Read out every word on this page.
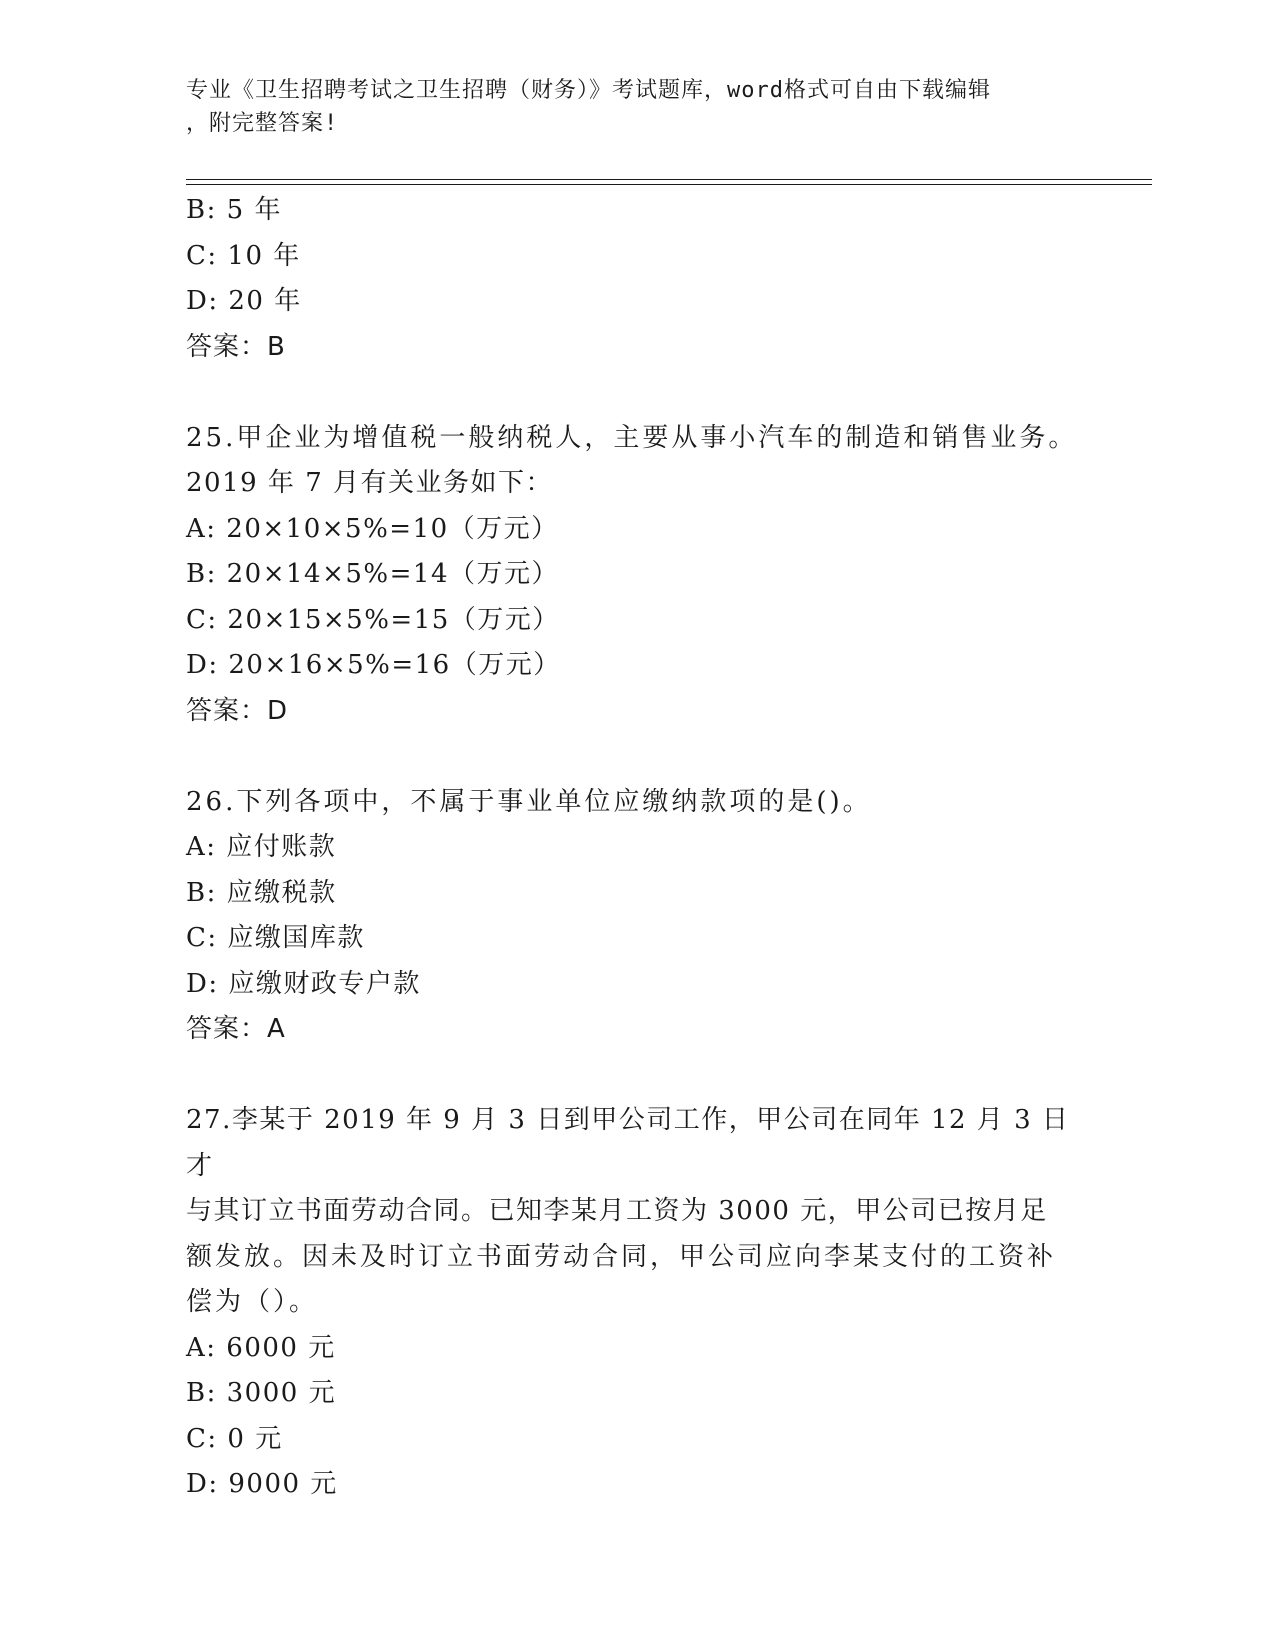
专业《卫生招聘考试之卫生招聘（财务）》考试题库，word格式可自由下载编辑
，附完整答案!
B: 5 年
C: 10 年
D: 20 年
答案：B
25.甲企业为增值税一般纳税人，主要从事小汽车的制造和销售业务。
2019 年 7 月有关业务如下：
A: 20×10×5%=10（万元）
B: 20×14×5%=14（万元）
C: 20×15×5%=15（万元）
D: 20×16×5%=16（万元）
答案：D
26.下列各项中，不属于事业单位应缴纳款项的是()。
A: 应付账款
B: 应缴税款
C: 应缴国库款
D: 应缴财政专户款
答案：A
27.李某于 2019 年 9 月 3 日到甲公司工作，甲公司在同年 12 月 3 日才
与其订立书面劳动合同。已知李某月工资为 3000 元，甲公司已按月足
额发放。因未及时订立书面劳动合同，甲公司应向李某支付的工资补
偿为（）。
A: 6000 元
B: 3000 元
C: 0 元
D: 9000 元
